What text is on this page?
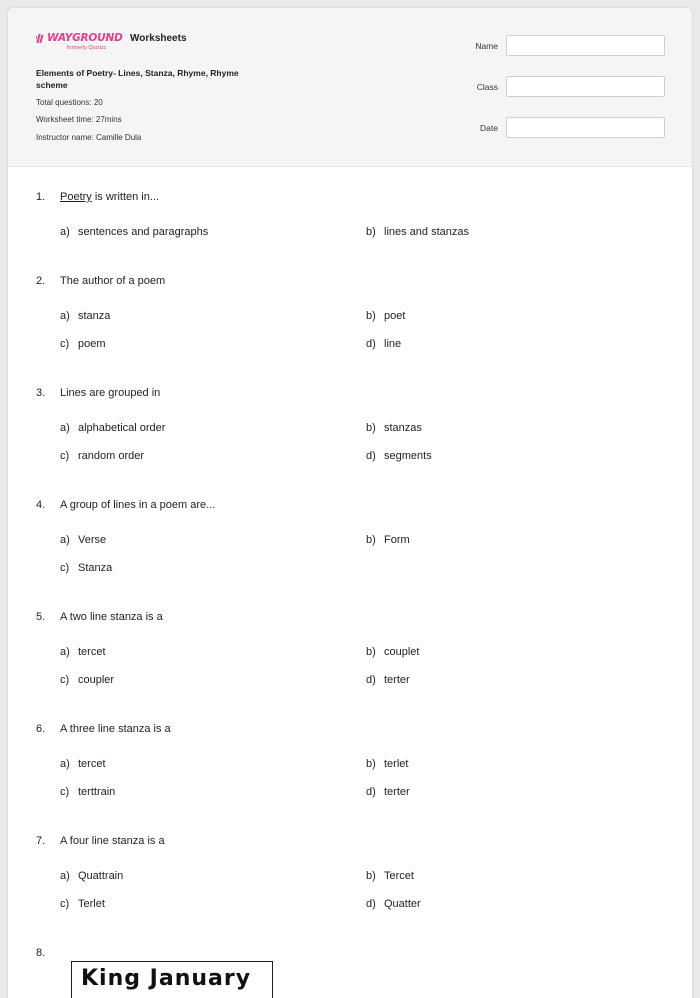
WAYGROUND
formerly Quizizz
Worksheets
Elements of Poetry- Lines, Stanza, Rhyme, Rhyme scheme
Total questions: 20
Worksheet time: 27mins
Instructor name: Camille Dula
Name
Class
Date
1.	Poetry is written in...
a) sentences and paragraphs	b) lines and stanzas
2.	The author of a poem
a) stanza	b) poet
c) poem	d) line
3.	Lines are grouped in
a) alphabetical order	b) stanzas
c) random order	d) segments
4.	A group of lines in a poem are...
a) Verse	b) Form
c) Stanza
5.	A two line stanza is a
a) tercet	b) couplet
c) coupler	d) terter
6.	A three line stanza is a
a) tercet	b) terlet
c) terttrain	d) terter
7.	A four line stanza is a
a) Quattrain	b) Tercet
c) Terlet	d) Quatter
8.
King January
